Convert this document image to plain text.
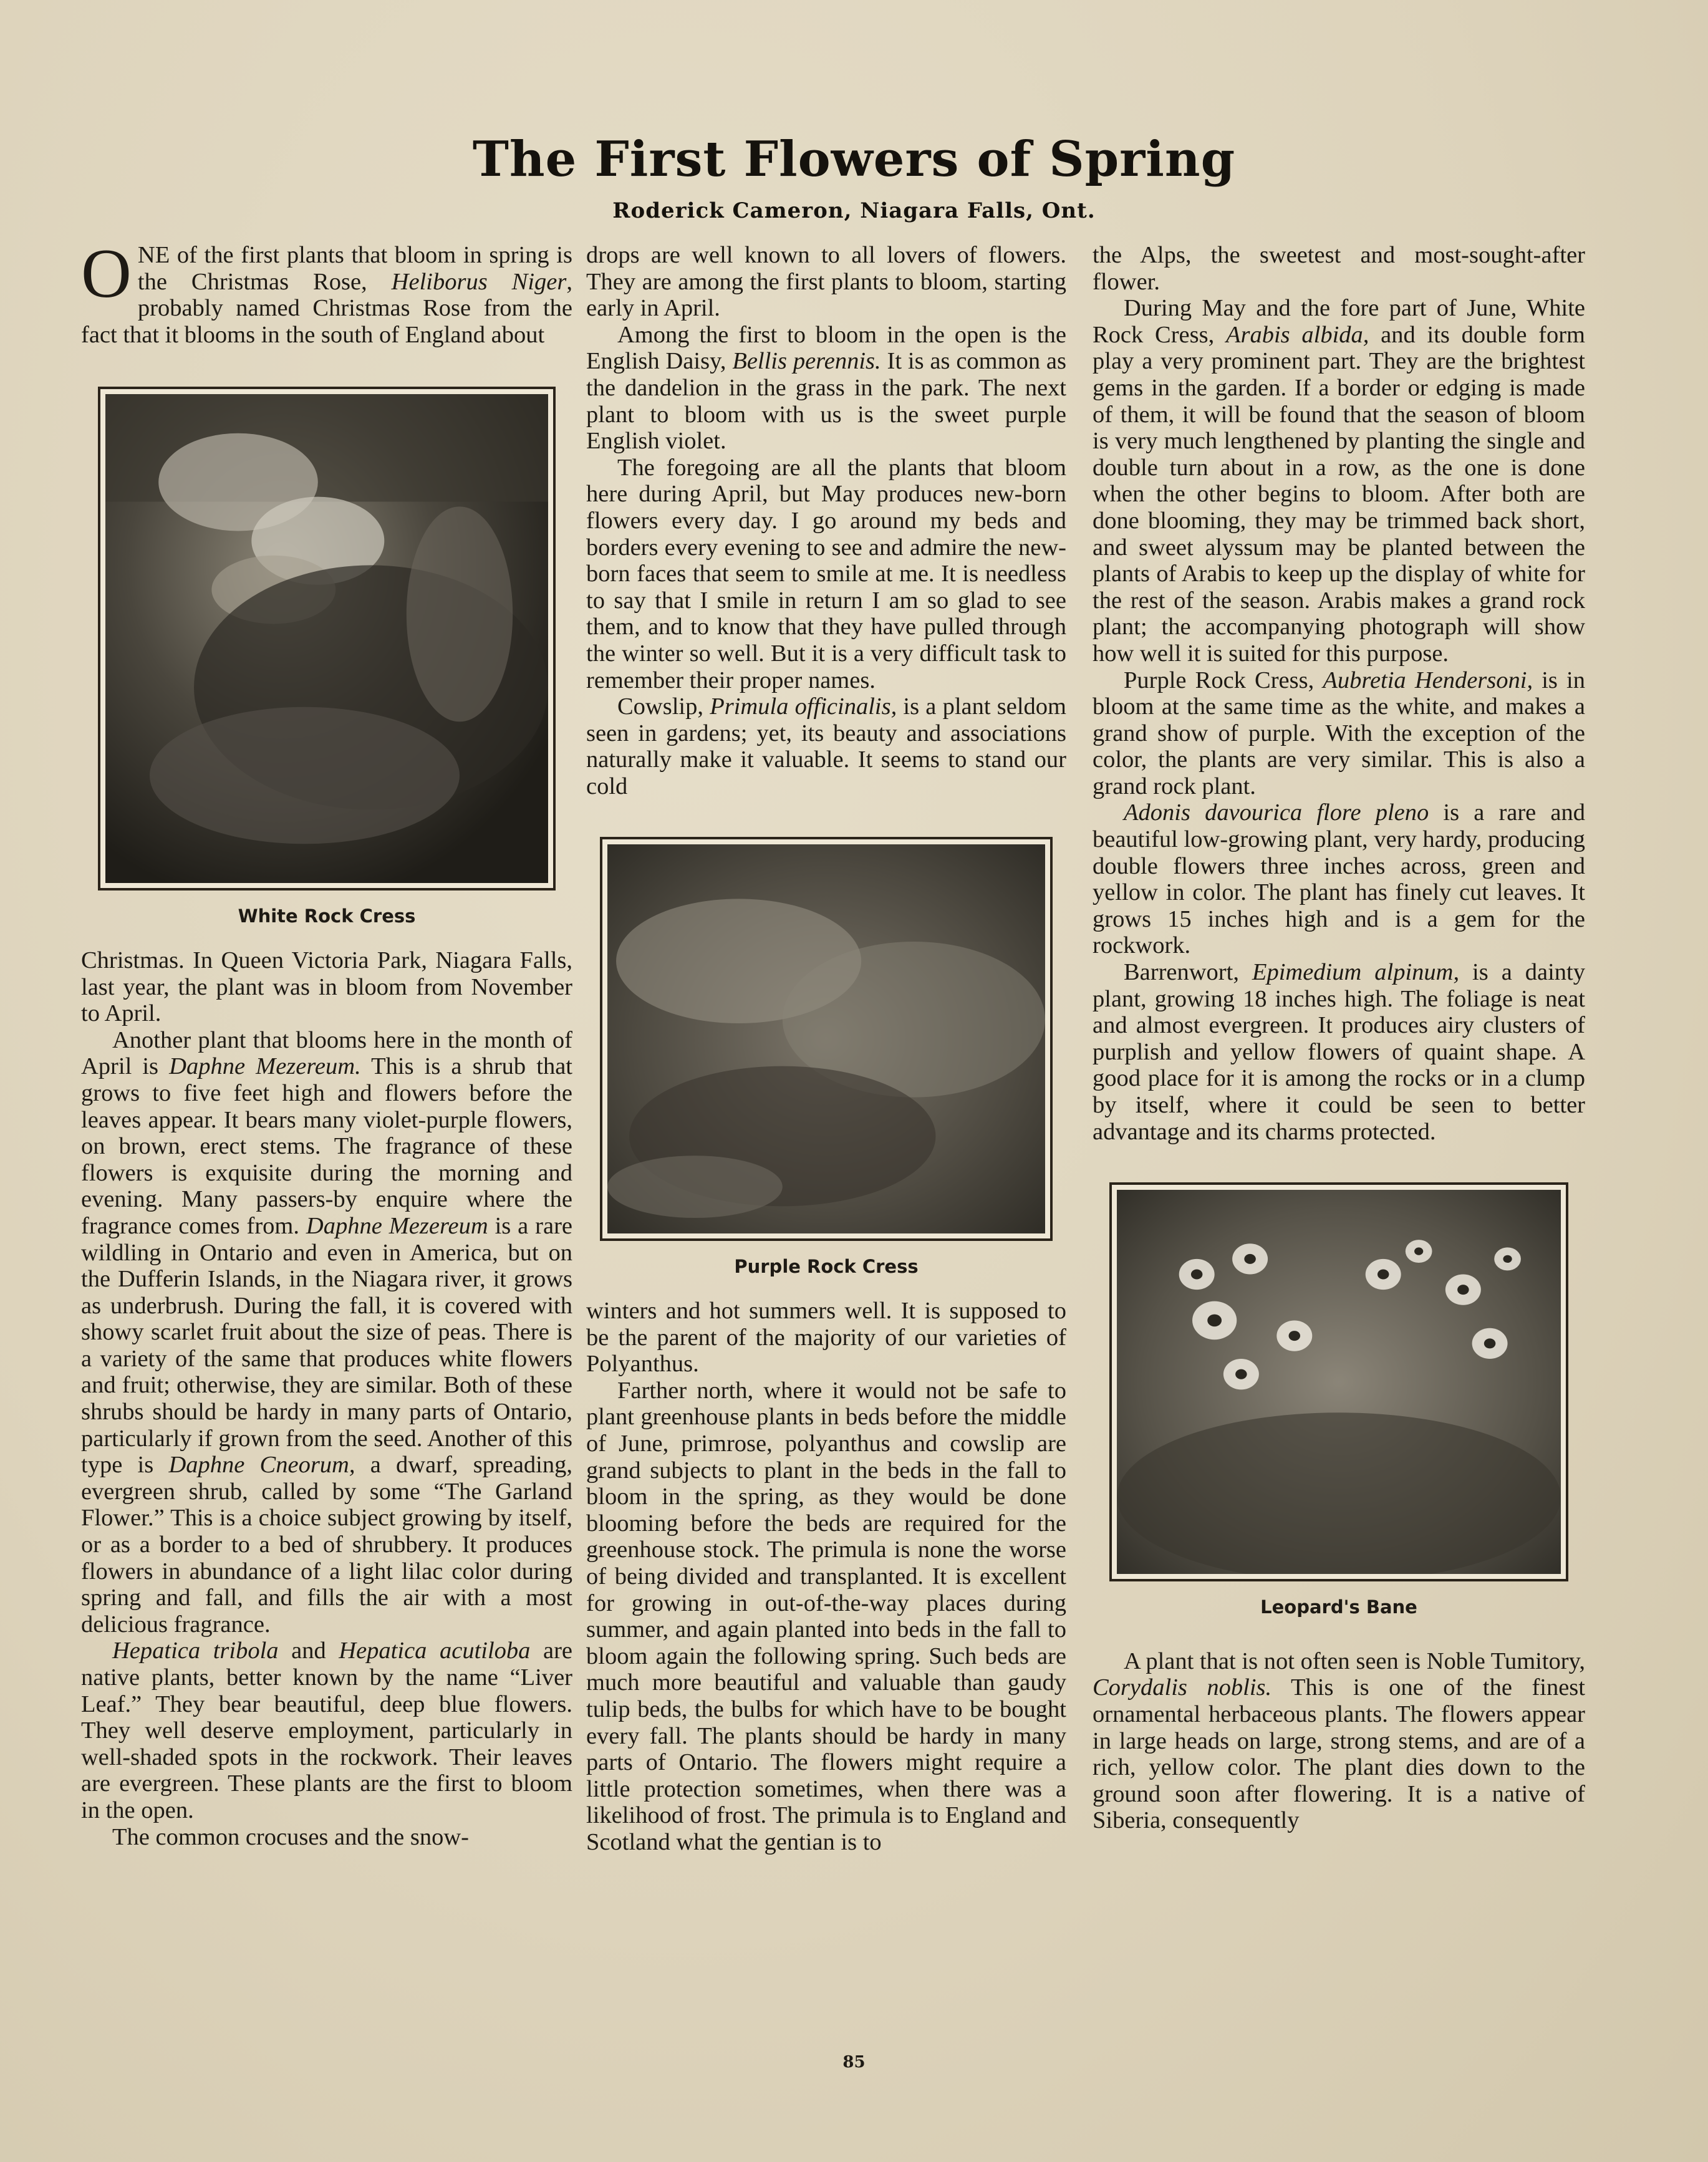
The First Flowers of Spring
Roderick Cameron, Niagara Falls, Ont.
O NE of the first plants that bloom in spring is the Christmas Rose, Heliborus Niger, probably named Christmas Rose from the fact that it blooms in the south of England about

White Rock Cress

Christmas. In Queen Victoria Park, Niagara Falls, last year, the plant was in bloom from November to April.

Another plant that blooms here in the month of April is Daphne Mezereum. This is a shrub that grows to five feet high and flowers before the leaves appear. It bears many violet-purple flowers, on brown, erect stems. The fragrance of these flowers is exquisite during the morning and evening. Many passers-by enquire where the fragrance comes from. Daphne Mezereum is a rare wildling in Ontario and even in America, but on the Dufferin Islands, in the Niagara river, it grows as underbrush. During the fall, it is covered with showy scarlet fruit about the size of peas. There is a variety of the same that produces white flowers and fruit; otherwise, they are similar. Both of these shrubs should be hardy in many parts of Ontario, particularly if grown from the seed. Another of this type is Daphne Cneorum, a dwarf, spreading, evergreen shrub, called by some “The Garland Flower.” This is a choice subject growing by itself, or as a border to a bed of shrubbery. It produces flowers in abundance of a light lilac color during spring and fall, and fills the air with a most delicious fragrance.

Hepatica tribola and Hepatica acutiloba are native plants, better known by the name “Liver Leaf.” They bear beautiful, deep blue flowers. They well deserve employment, particularly in well-shaded spots in the rockwork. Their leaves are evergreen. These plants are the first to bloom in the open.

The common crocuses and the snow-

drops are well known to all lovers of flowers. They are among the first plants to bloom, starting early in April.

Among the first to bloom in the open is the English Daisy, Bellis perennis. It is as common as the dandelion in the grass in the park. The next plant to bloom with us is the sweet purple English violet.

The foregoing are all the plants that bloom here during April, but May produces new-born flowers every day. I go around my beds and borders every evening to see and admire the new-born faces that seem to smile at me. It is needless to say that I smile in return I am so glad to see them, and to know that they have pulled through the winter so well. But it is a very difficult task to remember their proper names.

Cowslip, Primula officinalis, is a plant seldom seen in gardens; yet, its beauty and associations naturally make it valuable. It seems to stand our cold

Purple Rock Cress

winters and hot summers well. It is supposed to be the parent of the majority of our varieties of Polyanthus.

Farther north, where it would not be safe to plant greenhouse plants in beds before the middle of June, primrose, polyanthus and cowslip are grand subjects to plant in the beds in the fall to bloom in the spring, as they would be done blooming before the beds are required for the greenhouse stock. The primula is none the worse of being divided and transplanted. It is excellent for growing in out-of-the-way places during summer, and again planted into beds in the fall to bloom again the following spring. Such beds are much more beautiful and valuable than gaudy tulip beds, the bulbs for which have to be bought every fall. The plants should be hardy in many parts of Ontario. The flowers might require a little protection sometimes, when there was a likelihood of frost. The primula is to England and Scotland what the gentian is to

the Alps, the sweetest and most-sought-after flower.

During May and the fore part of June, White Rock Cress, Arabis albida, and its double form play a very prominent part. They are the brightest gems in the garden. If a border or edging is made of them, it will be found that the season of bloom is very much lengthened by planting the single and double turn about in a row, as the one is done when the other begins to bloom. After both are done blooming, they may be trimmed back short, and sweet alyssum may be planted between the plants of Arabis to keep up the display of white for the rest of the season. Arabis makes a grand rock plant; the accompanying photograph will show how well it is suited for this purpose.

Purple Rock Cress, Aubretia Hendersoni, is in bloom at the same time as the white, and makes a grand show of purple. With the exception of the color, the plants are very similar. This is also a grand rock plant.

Adonis davourica flore pleno is a rare and beautiful low-growing plant, very hardy, producing double flowers three inches across, green and yellow in color. The plant has finely cut leaves. It grows 15 inches high and is a gem for the rockwork.

Barrenwort, Epimedium alpinum, is a dainty plant, growing 18 inches high. The foliage is neat and almost evergreen. It produces airy clusters of purplish and yellow flowers of quaint shape. A good place for it is among the rocks or in a clump by itself, where it could be seen to better advantage and its charms protected.

Leopard's Bane

A plant that is not often seen is Noble Tumitory, Corydalis noblis. This is one of the finest ornamental herbaceous plants. The flowers appear in large heads on large, strong stems, and are of a rich, yellow color. The plant dies down to the ground soon after flowering. It is a native of Siberia, consequently

85
